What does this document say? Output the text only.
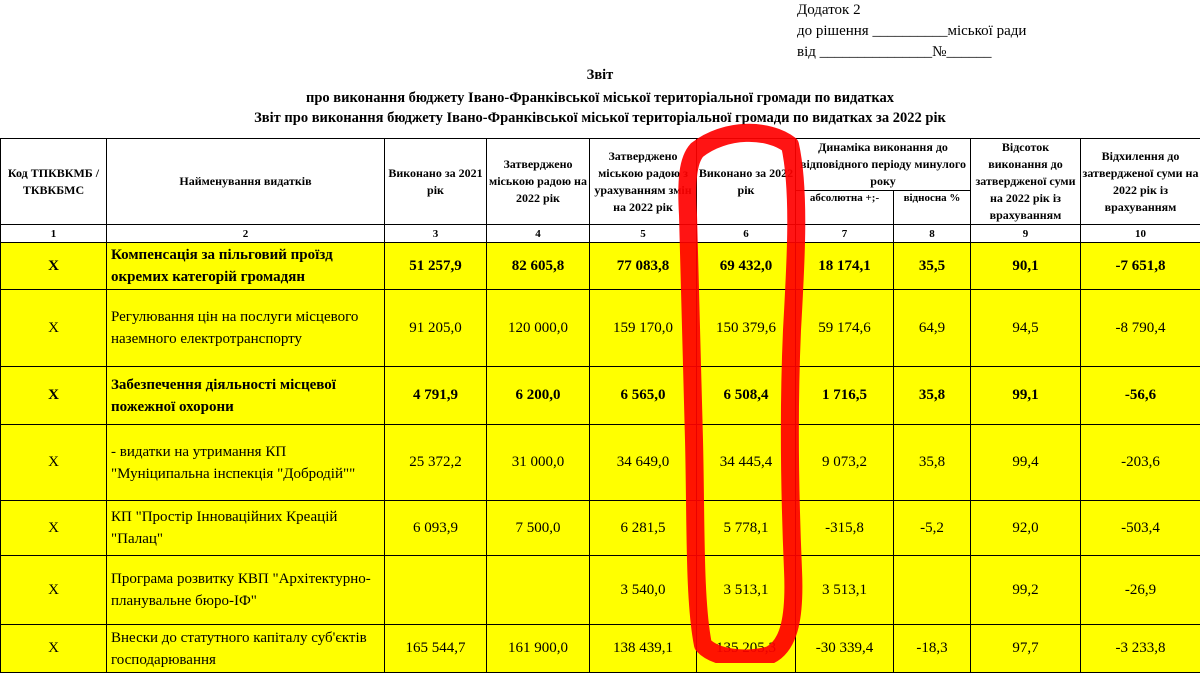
Додаток 2
до рішення __________міської ради
від _______________№______
Звіт
про виконання бюджету Івано-Франківської міської територіальної громади по видатках
Звіт про виконання бюджету Івано-Франківської міської територіальної громади по видатках за 2022 рік
Код ТПКВКМБ /ТКВКБМС	Найменування видатків	Виконано за 2021 рік	Затверджено міською радою на 2022 рік	Затверджено міською радою з урахуванням змін на 2022 рік	Виконано за 2022 рік	Динаміка виконання до відповідного періоду минулого року		Відсоток виконання до затвердженої суми на 2022 рік із врахуванням	Відхилення до затвердженої суми на 2022 рік із врахуванням
						абсолютна +;-	відносна %		
1	2	3	4	5	6	7	8	9	10
Х	Компенсація за пільговий проїзд окремих категорій громадян	51 257,9	82 605,8	77 083,8	69 432,0	18 174,1	35,5	90,1	-7 651,8
Х	Регулювання цін на послуги місцевого наземного електротранспорту	91 205,0	120 000,0	159 170,0	150 379,6	59 174,6	64,9	94,5	-8 790,4
Х	Забезпечення діяльності місцевої пожежної охорони	4 791,9	6 200,0	6 565,0	6 508,4	1 716,5	35,8	99,1	-56,6
Х	- видатки на утримання КП "Муніципальна інспекція "Добродій""	25 372,2	31 000,0	34 649,0	34 445,4	9 073,2	35,8	99,4	-203,6
Х	КП "Простір Інноваційних Креацій "Палац"	6 093,9	7 500,0	6 281,5	5 778,1	-315,8	-5,2	92,0	-503,4
Х	Програма розвитку КВП "Архітектурно-планувальне бюро-ІФ"			3 540,0	3 513,1	3 513,1		99,2	-26,9
Х	Внески до статутного капіталу суб'єктів господарювання	165 544,7	161 900,0	138 439,1	135 205,3	-30 339,4	-18,3	97,7	-3 233,8
